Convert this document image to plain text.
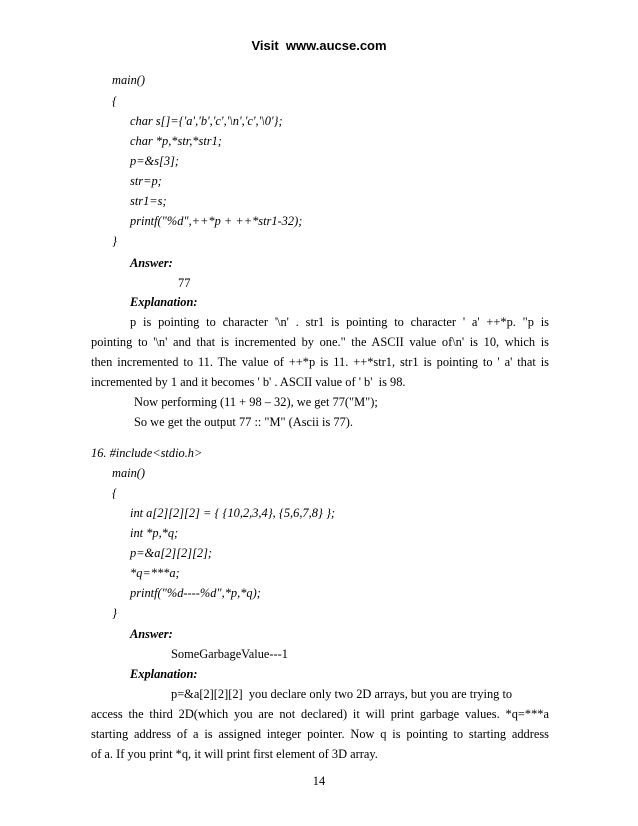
Visit www.aucse.com
main()
{
char s[]={'a','b','c','\n','c','\0'};
char *p,*str,*str1;
p=&s[3];
str=p;
str1=s;
printf("%d",++*p + ++*str1-32);
}
Answer:
77
Explanation:
p is pointing to character '\n' . str1 is pointing to character ' a' ++*p. "p is
pointing to '\n' and that is incremented by one." the ASCII value of\n' is 10, which is
then incremented to 11. The value of ++*p is 11. ++*str1, str1 is pointing to ' a' that is
incremented by 1 and it becomes ' b' . ASCII value of ' b'  is 98.
Now performing (11 + 98 – 32), we get 77("M");
So we get the output 77 :: "M" (Ascii is 77).
16. #include<stdio.h>
main()
{
int a[2][2][2] = { {10,2,3,4}, {5,6,7,8} };
int *p,*q;
p=&a[2][2][2];
*q=***a;
printf("%d----%d",*p,*q);
}
Answer:
SomeGarbageValue---1
Explanation:
p=&a[2][2][2]  you declare only two 2D arrays, but you are trying to
access the third 2D(which you are not declared) it will print garbage values. *q=***a
starting address of a is assigned integer pointer. Now q is pointing to starting address
of a. If you print *q, it will print first element of 3D array.
14
